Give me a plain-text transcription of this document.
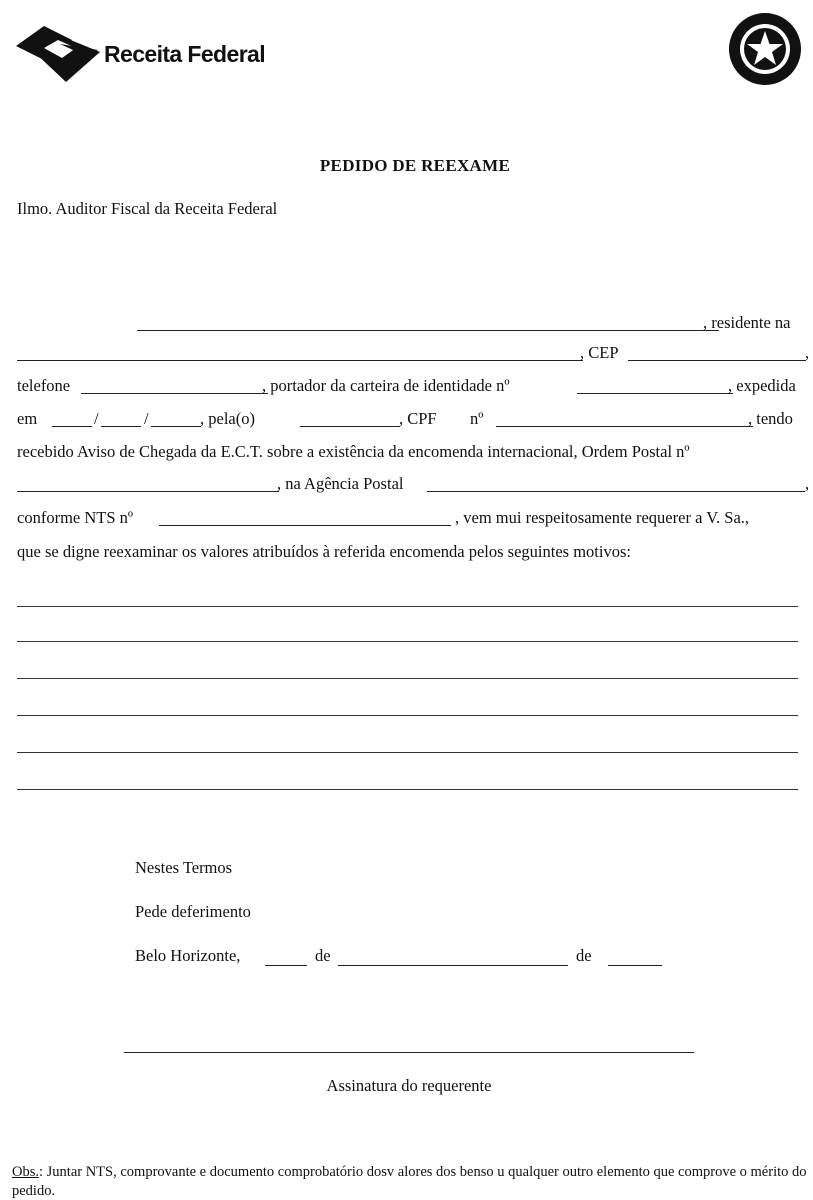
Receita Federal
PEDIDO DE REEXAME
Ilmo. Auditor Fiscal da Receita Federal
, residente na
, CEP	,
telefone	, portador da carteira de identidade nº	, expedida
em	/	/	, pela(o)	, CPF nº	, tendo
recebido Aviso de Chegada da E.C.T. sobre a existência da encomenda internacional, Ordem Postal nº
, na Agência Postal	,
conforme NTS nº	, vem mui respeitosamente requerer a V. Sa.,
que se digne reexaminar os valores atribuídos à referida encomenda pelos seguintes motivos:
Nestes Termos
Pede deferimento
Belo Horizonte,	de	de
Assinatura do requerente
Obs.: Juntar NTS, comprovante e documento comprobatório dosv alores dos benso u qualquer outro elemento que comprove o mérito do pedido.
